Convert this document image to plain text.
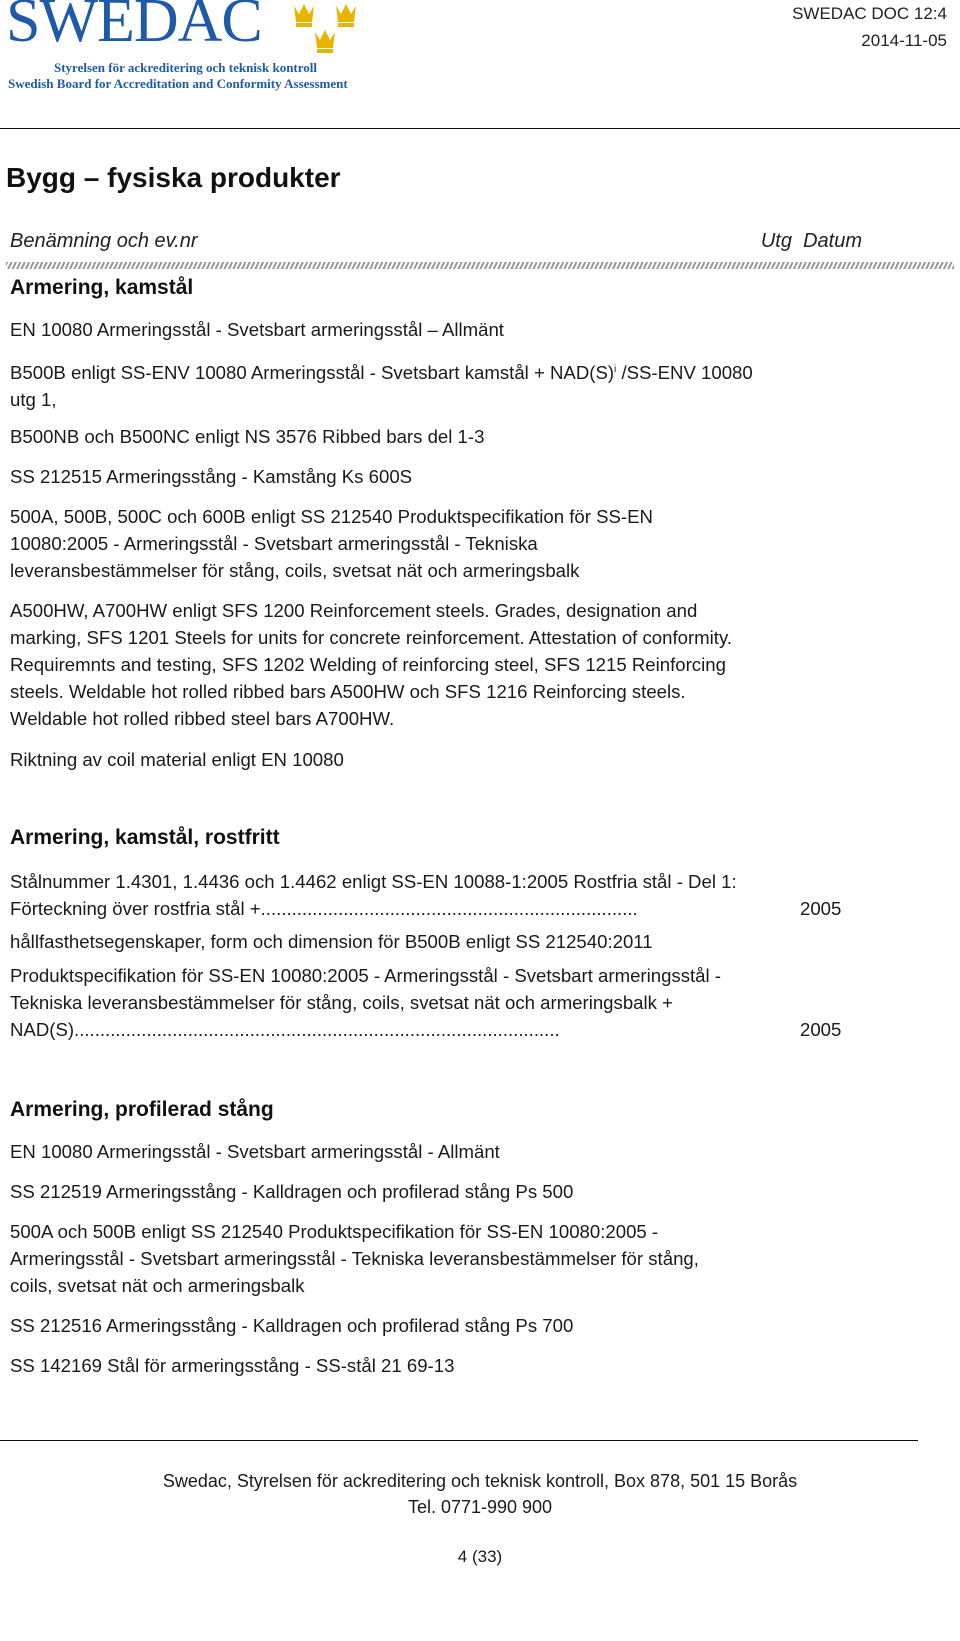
SWEDAC
Styrelsen för ackreditering och teknisk kontroll
Swedish Board for Accreditation and Conformity Assessment
SWEDAC DOC 12:4
2014-11-05
Bygg – fysiska produkter
Benämning och ev.nr	Utg  Datum
Armering, kamstål
EN 10080 Armeringsstål - Svetsbart armeringsstål – Allmänt
B500B enligt SS-ENV 10080 Armeringsstål - Svetsbart kamstål + $NAD(S)^i$ /SS-ENV 10080 utg 1,
B500NB och B500NC enligt NS 3576 Ribbed bars del 1-3
SS 212515 Armeringsstång - Kamstång Ks 600S
500A, 500B, 500C och 600B enligt SS 212540 Produktspecifikation för SS-EN 10080:2005 - Armeringsstål - Svetsbart armeringsstål - Tekniska leveransbestämmelser för stång, coils, svetsat nät och armeringsbalk
A500HW, A700HW enligt SFS 1200 Reinforcement steels. Grades, designation and marking, SFS 1201 Steels for units for concrete reinforcement. Attestation of conformity. Requiremnts and testing, SFS 1202 Welding of reinforcing steel, SFS 1215 Reinforcing steels. Weldable hot rolled ribbed bars A500HW och SFS 1216 Reinforcing steels. Weldable hot rolled ribbed steel bars A700HW.
Riktning av coil material enligt EN 10080
Armering, kamstål, rostfritt
Stålnummer 1.4301, 1.4436 och 1.4462 enligt SS-EN 10088-1:2005 Rostfria stål - Del 1: Förteckning över rostfria stål +.........................................................................	2005
hållfasthetsegenskaper, form och dimension för B500B enligt SS 212540:2011
Produktspecifikation för SS-EN 10080:2005 - Armeringsstål - Svetsbart armeringsstål - Tekniska leveransbestämmelser för stång, coils, svetsat nät och armeringsbalk + NAD(S)..............................................................................................	2005
Armering, profilerad stång
EN 10080 Armeringsstål - Svetsbart armeringsstål - Allmänt
SS 212519 Armeringsstång - Kalldragen och profilerad stång Ps 500
500A och 500B enligt SS 212540 Produktspecifikation för SS-EN 10080:2005 - Armeringsstål - Svetsbart armeringsstål - Tekniska leveransbestämmelser för stång, coils, svetsat nät och armeringsbalk
SS 212516 Armeringsstång - Kalldragen och profilerad stång Ps 700
SS 142169 Stål för armeringsstång - SS-stål 21 69-13
Swedac, Styrelsen för ackreditering och teknisk kontroll, Box 878, 501 15 Borås
Tel. 0771-990 900
4 (33)
